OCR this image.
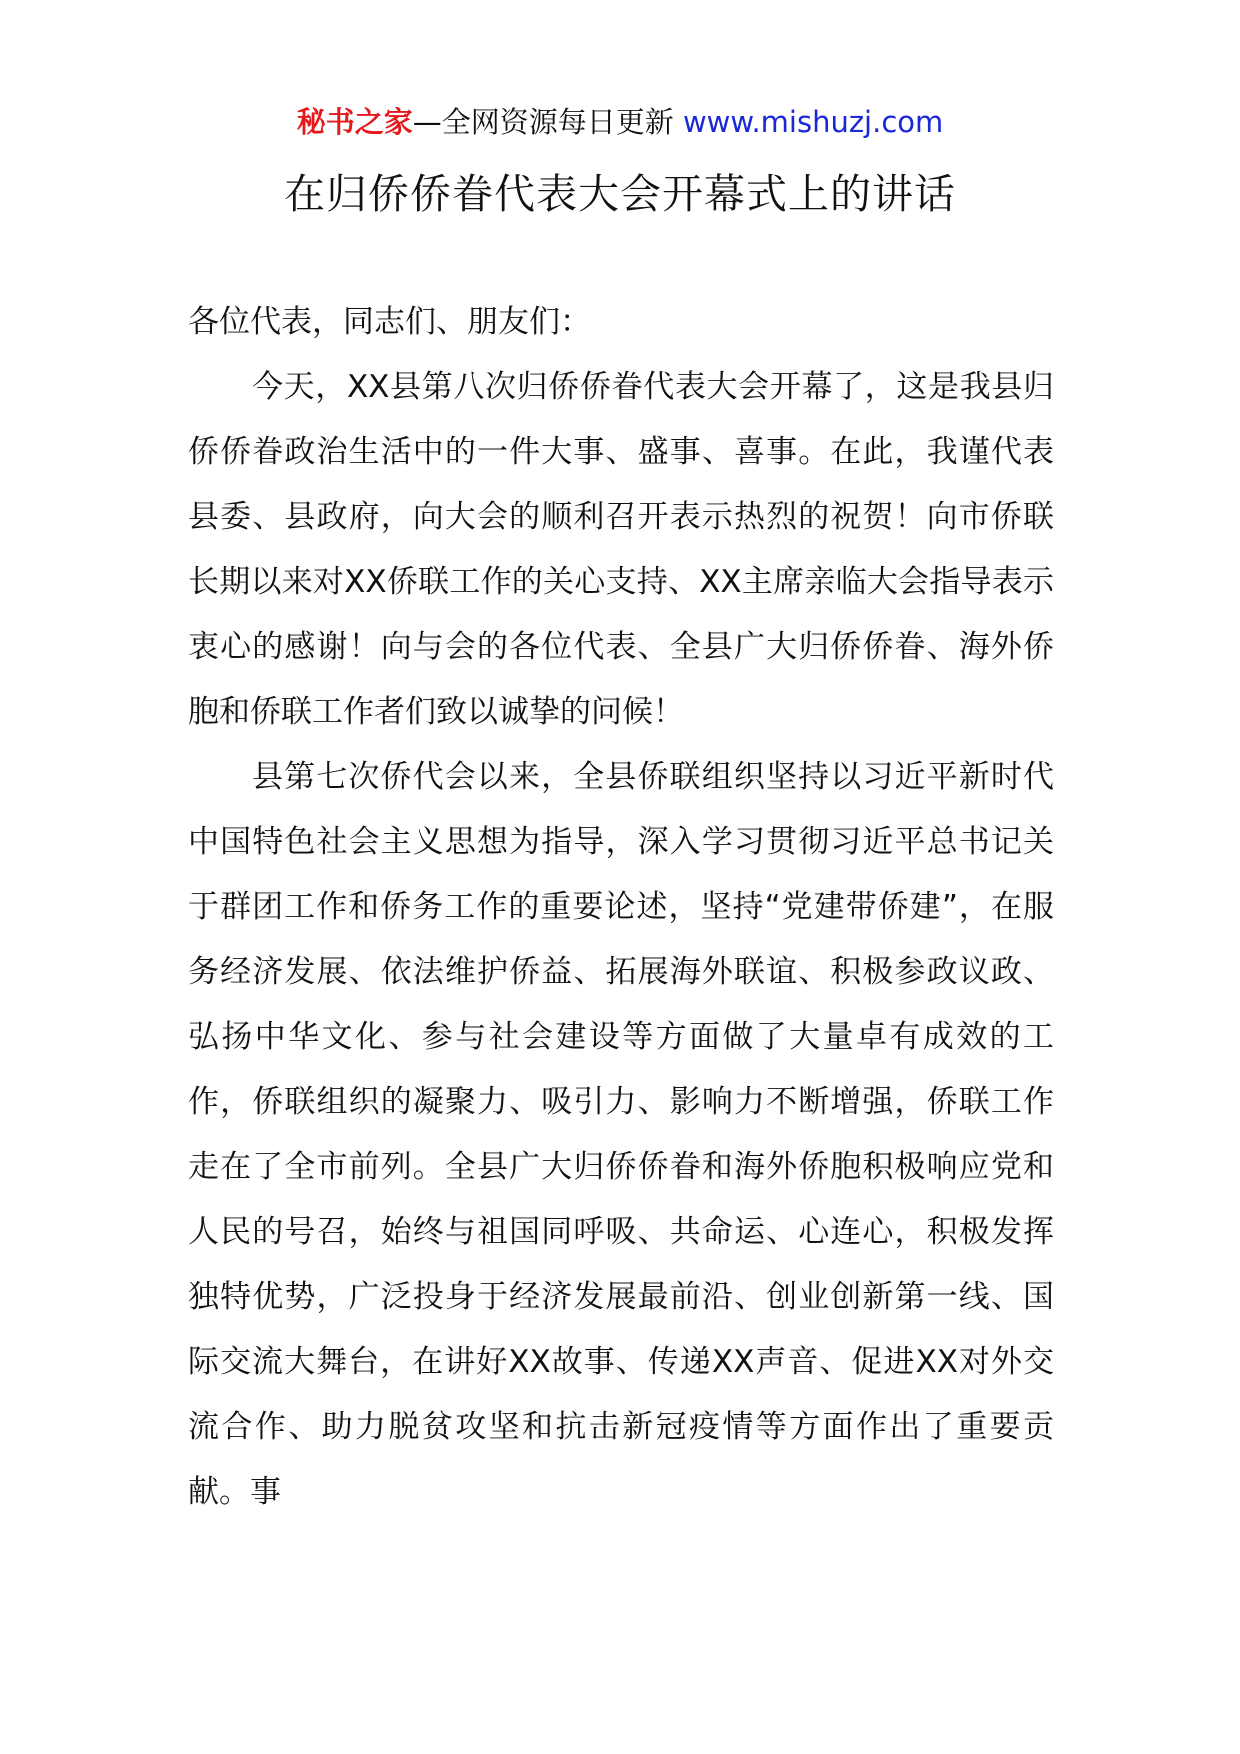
秘书之家—全网资源每日更新 www.mishuzj.com
在归侨侨眷代表大会开幕式上的讲话

各位代表，同志们、朋友们：

今天，XX县第八次归侨侨眷代表大会开幕了，这是我县归侨侨眷政治生活中的一件大事、盛事、喜事。在此，我谨代表县委、县政府，向大会的顺利召开表示热烈的祝贺！向市侨联长期以来对XX侨联工作的关心支持、XX主席亲临大会指导表示衷心的感谢！向与会的各位代表、全县广大归侨侨眷、海外侨胞和侨联工作者们致以诚挚的问候！

县第七次侨代会以来，全县侨联组织坚持以习近平新时代中国特色社会主义思想为指导，深入学习贯彻习近平总书记关于群团工作和侨务工作的重要论述，坚持“党建带侨建”，在服务经济发展、依法维护侨益、拓展海外联谊、积极参政议政、弘扬中华文化、参与社会建设等方面做了大量卓有成效的工作，侨联组织的凝聚力、吸引力、影响力不断增强，侨联工作走在了全市前列。全县广大归侨侨眷和海外侨胞积极响应党和人民的号召，始终与祖国同呼吸、共命运、心连心，积极发挥独特优势，广泛投身于经济发展最前沿、创业创新第一线、国际交流大舞台，在讲好XX故事、传递XX声音、促进XX对外交流合作、助力脱贫攻坚和抗击新冠疫情等方面作出了重要贡献。事
